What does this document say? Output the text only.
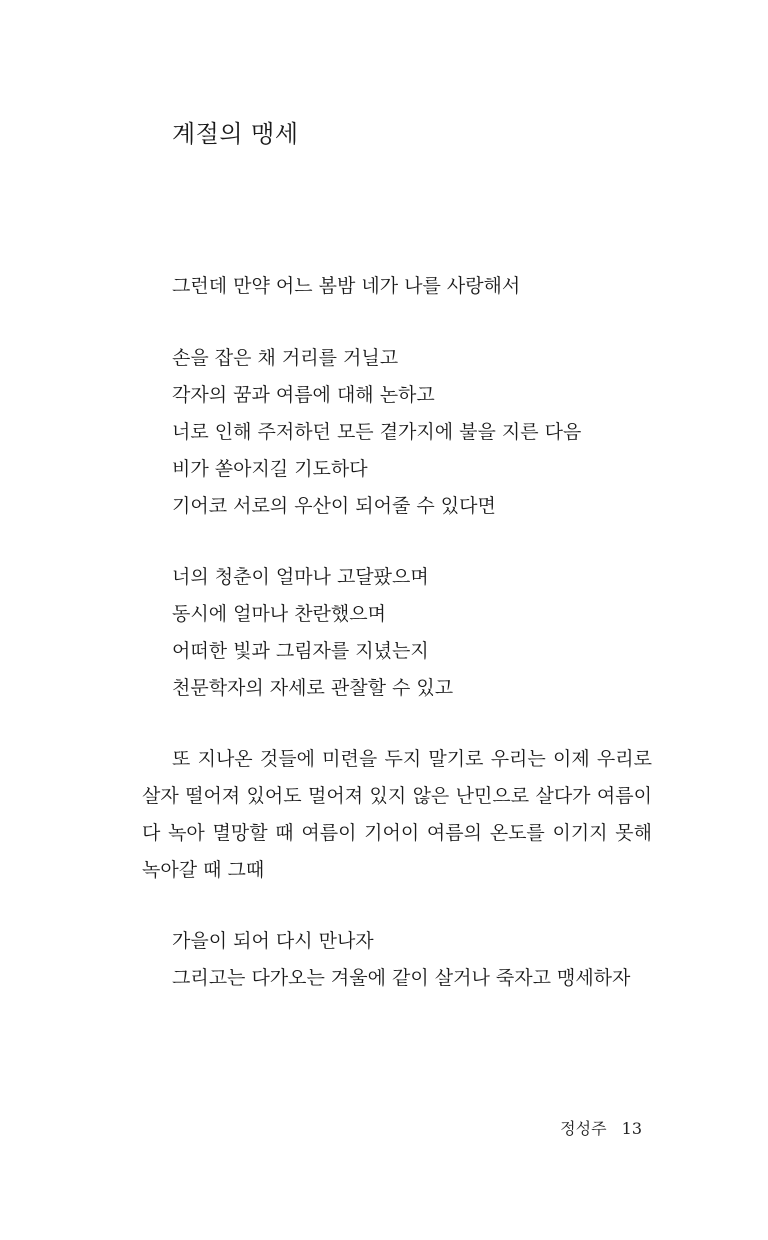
계절의 맹세
그런데 만약 어느 봄밤 네가 나를 사랑해서
손을 잡은 채 거리를 거닐고
각자의 꿈과 여름에 대해 논하고
너로 인해 주저하던 모든 곁가지에 불을 지른 다음
비가 쏟아지길 기도하다
기어코 서로의 우산이 되어줄 수 있다면
너의 청춘이 얼마나 고달팠으며
동시에 얼마나 찬란했으며
어떠한 빛과 그림자를 지녔는지
천문학자의 자세로 관찰할 수 있고
또 지나온 것들에 미련을 두지 말기로 우리는 이제 우리로 살자 떨어져 있어도 멀어져 있지 않은 난민으로 살다가 여름이 다 녹아 멸망할 때 여름이 기어이 여름의 온도를 이기지 못해 녹아갈 때 그때
가을이 되어 다시 만나자
그리고는 다가오는 겨울에 같이 살거나 죽자고 맹세하자
정성주 13
